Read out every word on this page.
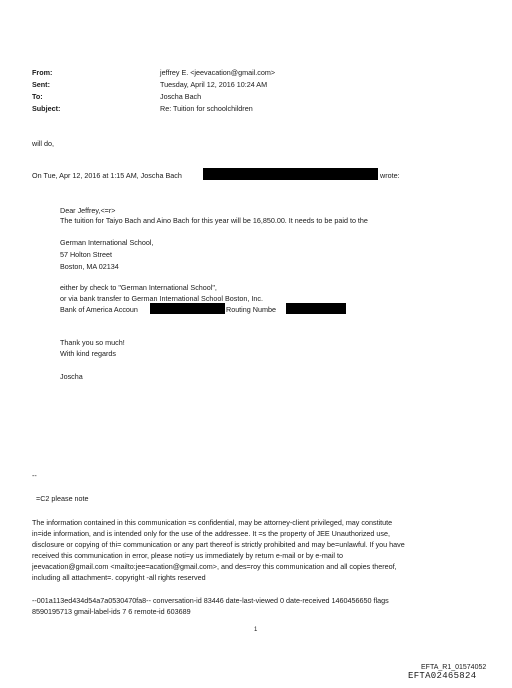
From:
Sent:
To:
Subject:
jeffrey E. <jeevacation@gmail.com>
Tuesday, April 12, 2016 10:24 AM
Joscha Bach
Re: Tuition for schoolchildren
will do,
On Tue, Apr 12, 2016 at 1:15 AM, Joscha Bach	wrote:
Dear Jeffrey,<=r>
The tuition for Taiyo Bach and Aino Bach for this year will be 16,850.00. It needs to be paid to the
German International School,
57 Holton Street
Boston, MA 02134
either by check to "German International School",
or via bank transfer to German International School Boston, Inc.
Bank of America Accoun	Routing Numbe
Thank you so much!
With kind regards
Joscha
--
=C2 please note
The information contained in this communication =s confidential, may be attorney-client privileged, may constitute
in=ide information, and is intended only for the use of the addressee. It =s the property of JEE Unauthorized use,
disclosure or copying of thi= communication or any part thereof is strictly prohibited and may be=unlawful. If you have
received this communication in error, please noti=y us immediately by return e-mail or by e-mail to
jeevacation@gmail.com <mailto:jee=acation@gmail.com>, and des=roy this communication and all copies thereof,
including all attachment=. copyright -all rights reserved
--001a113ed434d54a7a0530470fa8-- conversation-id 83446 date-last-viewed 0 date-received 1460456650 flags
8590195713 gmail-label-ids 7 6 remote-id 603689
1
EFTA_R1_01574052
EFTA02465824
